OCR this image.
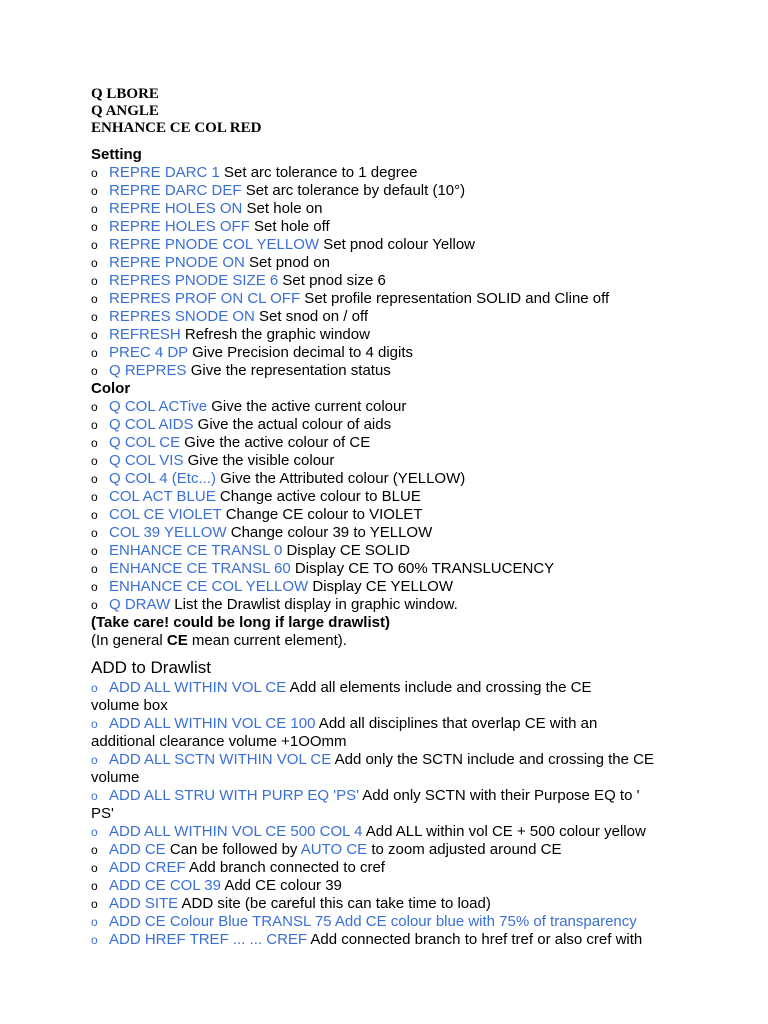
Q LBORE
Q ANGLE
ENHANCE CE COL RED
Setting
o REPRE DARC 1 Set arc tolerance to 1 degree
o REPRE DARC DEF Set arc tolerance by default (10°)
o REPRE HOLES ON Set hole on
o REPRE HOLES OFF Set hole off
o REPRE PNODE COL YELLOW Set pnod colour Yellow
o REPRE PNODE ON Set pnod on
o REPRES PNODE SIZE 6 Set pnod size 6
o REPRES PROF ON CL OFF Set profile representation SOLID and Cline off
o REPRES SNODE ON Set snod on / off
o REFRESH Refresh the graphic window
o PREC 4 DP Give Precision decimal to 4 digits
o Q REPRES Give the representation status
Color
o Q COL ACTive Give the active current colour
o Q COL AIDS Give the actual colour of aids
o Q COL CE Give the active colour of CE
o Q COL VIS Give the visible colour
o Q COL 4 (Etc...) Give the Attributed colour (YELLOW)
o COL ACT BLUE Change active colour to BLUE
o COL CE VIOLET Change CE colour to VIOLET
o COL 39 YELLOW Change colour 39 to YELLOW
o ENHANCE CE TRANSL 0 Display CE SOLID
o ENHANCE CE TRANSL 60 Display CE TO 60% TRANSLUCENCY
o ENHANCE CE COL YELLOW Display CE YELLOW
o Q DRAW List the Drawlist display in graphic window.
(Take care! could be long if large drawlist)
(In general CE mean current element).
ADD to Drawlist
o ADD ALL WITHIN VOL CE Add all elements include and crossing the CE
volume box
o ADD ALL WITHIN VOL CE 100 Add all disciplines that overlap CE with an
additional clearance volume +1OOmm
o ADD ALL SCTN WITHIN VOL CE Add only the SCTN include and crossing the CE
volume
o ADD ALL STRU WITH PURP EQ 'PS' Add only SCTN with their Purpose EQ to '
PS'
o ADD ALL WITHIN VOL CE 500 COL 4 Add ALL within vol CE + 500 colour yellow
o ADD CE Can be followed by AUTO CE to zoom adjusted around CE
o ADD CREF Add branch connected to cref
o ADD CE COL 39 Add CE colour 39
o ADD SITE ADD site (be careful this can take time to load)
o ADD CE Colour Blue TRANSL 75 Add CE colour blue with 75% of transparency
o ADD HREF TREF ... ... CREF Add connected branch to href tref or also cref with
